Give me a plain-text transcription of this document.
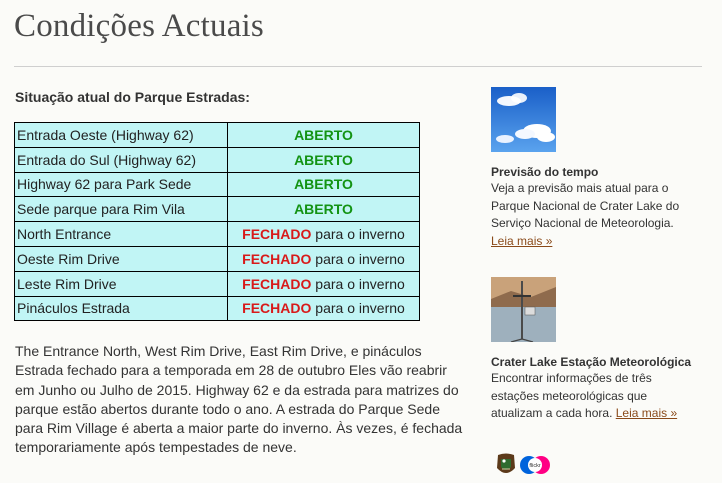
Condições Actuais
Situação atual do Parque Estradas:
Entrada Oeste (Highway 62)	ABERTO
Entrada do Sul (Highway 62)	ABERTO
Highway 62 para Park Sede	ABERTO
Sede parque para Rim Vila	ABERTO
North Entrance	FECHADO para o inverno
Oeste Rim Drive	FECHADO para o inverno
Leste Rim Drive	FECHADO para o inverno
Pináculos Estrada	FECHADO para o inverno

The Entrance North, West Rim Drive, East Rim Drive, e pináculos Estrada fechado para a temporada em 28 de outubro Eles vão reabrir em Junho ou Julho de 2015. Highway 62 e da estrada para matrizes do parque estão abertos durante todo o ano. A estrada do Parque Sede para Rim Village é aberta a maior parte do inverno. Às vezes, é fechada temporariamente após tempestades de neve.

Previsão do tempo

Veja a previsão mais atual para o Parque Nacional de Crater Lake do Serviço Nacional de Meteorologia.
Leia mais »

Crater Lake Estação Meteorológica

Encontrar informações de três estações meteorológicas que atualizam a cada hora. Leia mais »

flickr
